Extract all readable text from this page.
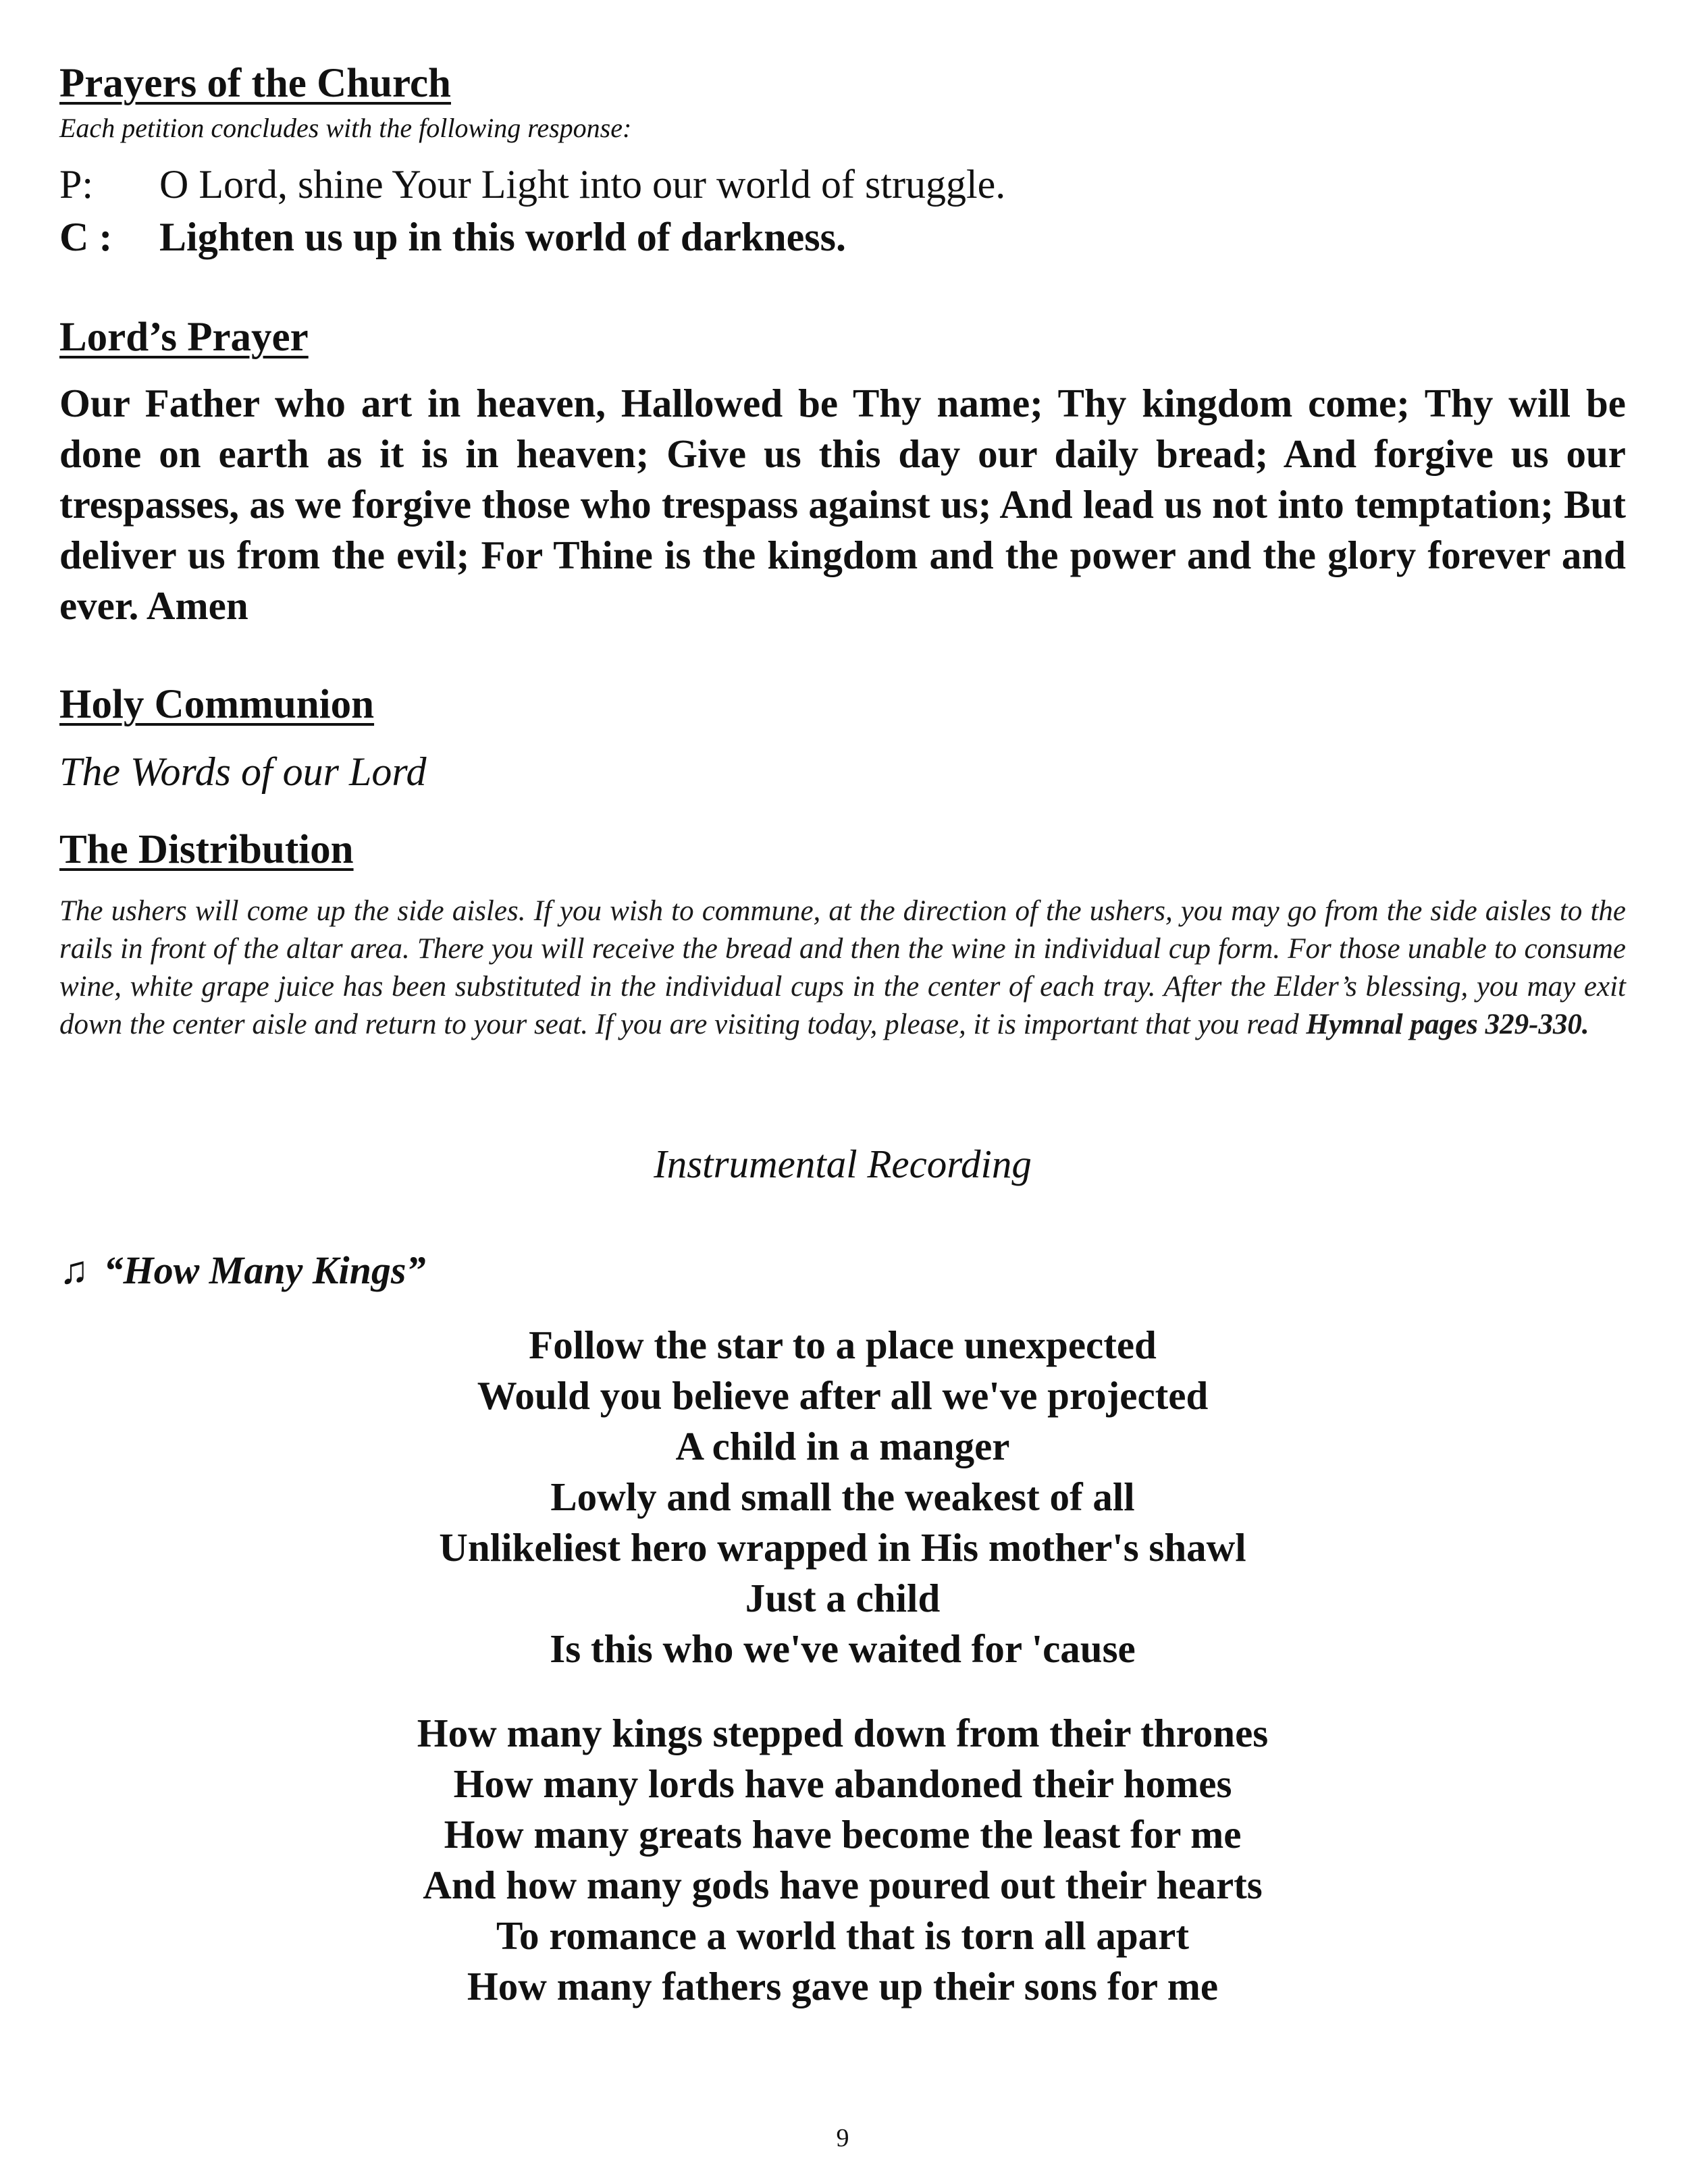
Prayers of the Church
Each petition concludes with the following response:
P: O Lord, shine Your Light into our world of struggle.
C : Lighten us up in this world of darkness.
Lord’s Prayer

Our Father who art in heaven, Hallowed be Thy name; Thy kingdom come; Thy will be done on earth as it is in heaven; Give us this day our daily bread; And forgive us our trespasses, as we forgive those who trespass against us; And lead us not into temptation; But deliver us from the evil; For Thine is the kingdom and the power and the glory forever and ever. Amen

Holy Communion
The Words of our Lord
The Distribution

The ushers will come up the side aisles. If you wish to commune, at the direction of the ushers, you may go from the side aisles to the rails in front of the altar area. There you will receive the bread and then the wine in individual cup form. For those unable to consume wine, white grape juice has been substituted in the individual cups in the center of each tray. After the Elder’s blessing, you may exit down the center aisle and return to your seat. If you are visiting today, please, it is important that you read Hymnal pages 329-330.

Instrumental Recording
♫ “How Many Kings”
Follow the star to a place unexpected
Would you believe after all we've projected
A child in a manger
Lowly and small the weakest of all
Unlikeliest hero wrapped in His mother's shawl
Just a child
Is this who we've waited for 'cause
How many kings stepped down from their thrones
How many lords have abandoned their homes
How many greats have become the least for me
And how many gods have poured out their hearts
To romance a world that is torn all apart
How many fathers gave up their sons for me
9
